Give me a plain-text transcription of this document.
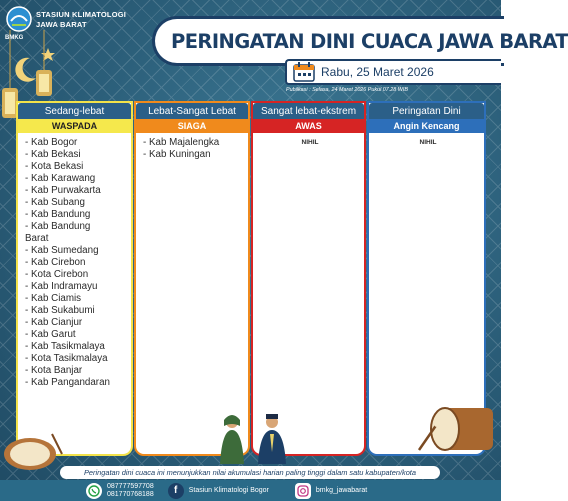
BMKG
STASIUN KLIMATOLOGI
JAWA BARAT
PERINGATAN DINI CUACA JAWA BARAT
Rabu, 25 Maret 2026
Pubilkasi : Selasa, 24 Maret 2026 Pukul 07.28 WIB
Sedang-lebat
WASPADA
- Kab Bogor
- Kab Bekasi
- Kota Bekasi
- Kab Karawang
- Kab Purwakarta
- Kab Subang
- Kab Bandung
- Kab Bandung
Barat
- Kab Sumedang
- Kab Cirebon
- Kota Cirebon
- Kab Indramayu
- Kab Ciamis
- Kab Sukabumi
- Kab Cianjur
- Kab Garut
- Kab Tasikmalaya
- Kota Tasikmalaya
- Kota Banjar
- Kab Pangandaran
Lebat-Sangat Lebat
SIAGA
- Kab Majalengka
- Kab Kuningan
Sangat lebat-ekstrem
AWAS
NIHIL
Peringatan Dini
Angin Kencang
NIHIL
Peringatan dini cuaca ini menunjukkan nilai akumulasi harian paling tinggi dalam satu kabupaten/kota
087777597708
081770768188	f	Stasiun Klimatologi Bogor	bmkg_jawabarat
